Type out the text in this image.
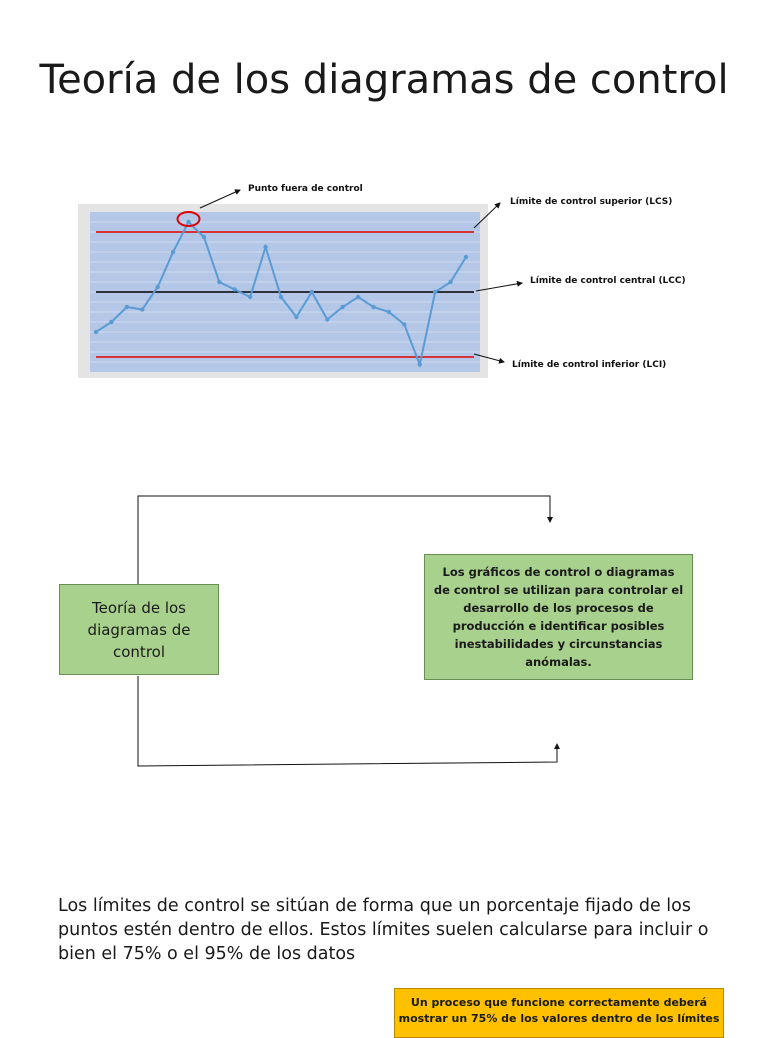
Teoría de los diagramas de control
Punto fuera de control
Límite de control superior (LCS)
Límite de control central (LCC)
Límite de control inferior (LCI)
Teoría de los diagramas de control
Los gráficos de control o diagramas de control se utilizan para controlar el desarrollo de los procesos de producción e identificar posibles inestabilidades y circunstancias anómalas.
Los límites de control se sitúan de forma que un porcentaje fijado de los puntos estén dentro de ellos. Estos límites suelen calcularse para incluir o bien el 75% o el 95% de los datos
Un proceso que funcione correctamente deberá mostrar un 75% de los valores dentro de los límites
